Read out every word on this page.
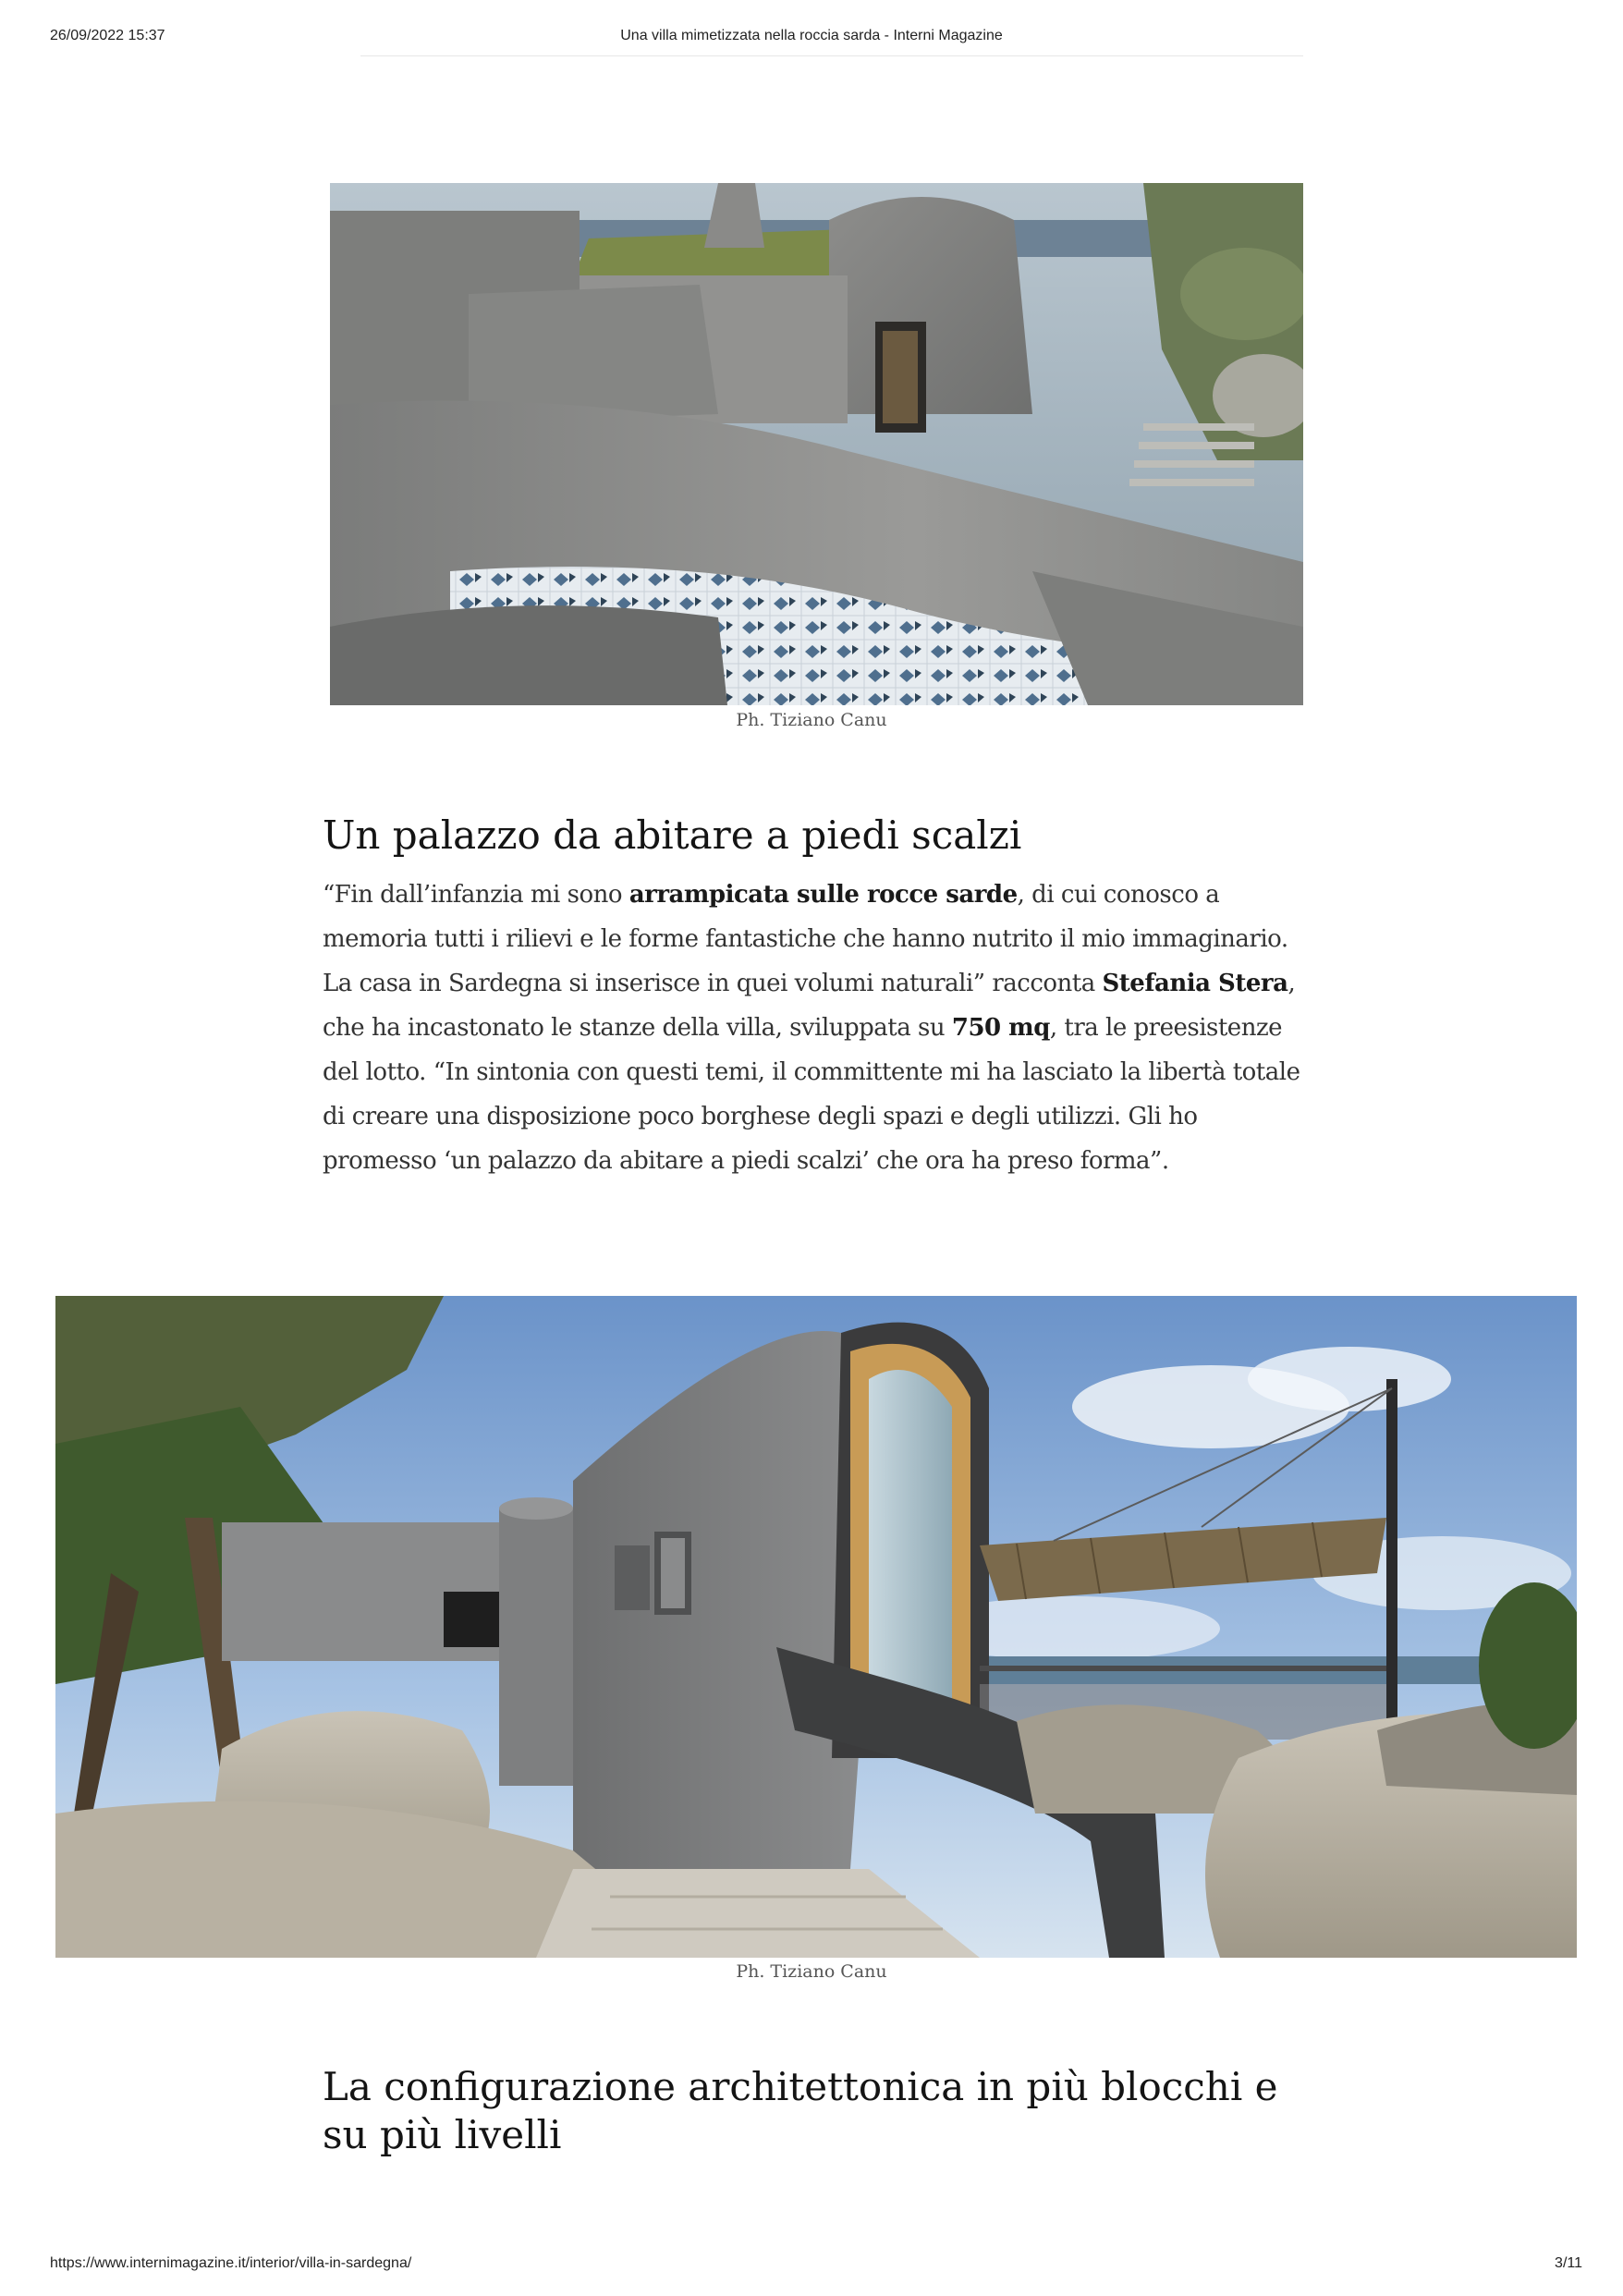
26/09/2022 15:37	Una villa mimetizzata nella roccia sarda - Interni Magazine
Ph. Tiziano Canu
Un palazzo da abitare a piedi scalzi

“Fin dall’infanzia mi sono arrampicata sulle rocce sarde, di cui conosco a memoria tutti i rilievi e le forme fantastiche che hanno nutrito il mio immaginario. La casa in Sardegna si inserisce in quei volumi naturali” racconta Stefania Stera, che ha incastonato le stanze della villa, sviluppata su 750 mq, tra le preesistenze del lotto. “In sintonia con questi temi, il committente mi ha lasciato la libertà totale di creare una disposizione poco borghese degli spazi e degli utilizzi. Gli ho promesso ‘un palazzo da abitare a piedi scalzi’ che ora ha preso forma”.

Ph. Tiziano Canu
La configurazione architettonica in più blocchi e su più livelli
https://www.internimagazine.it/interior/villa-in-sardegna/	3/11
